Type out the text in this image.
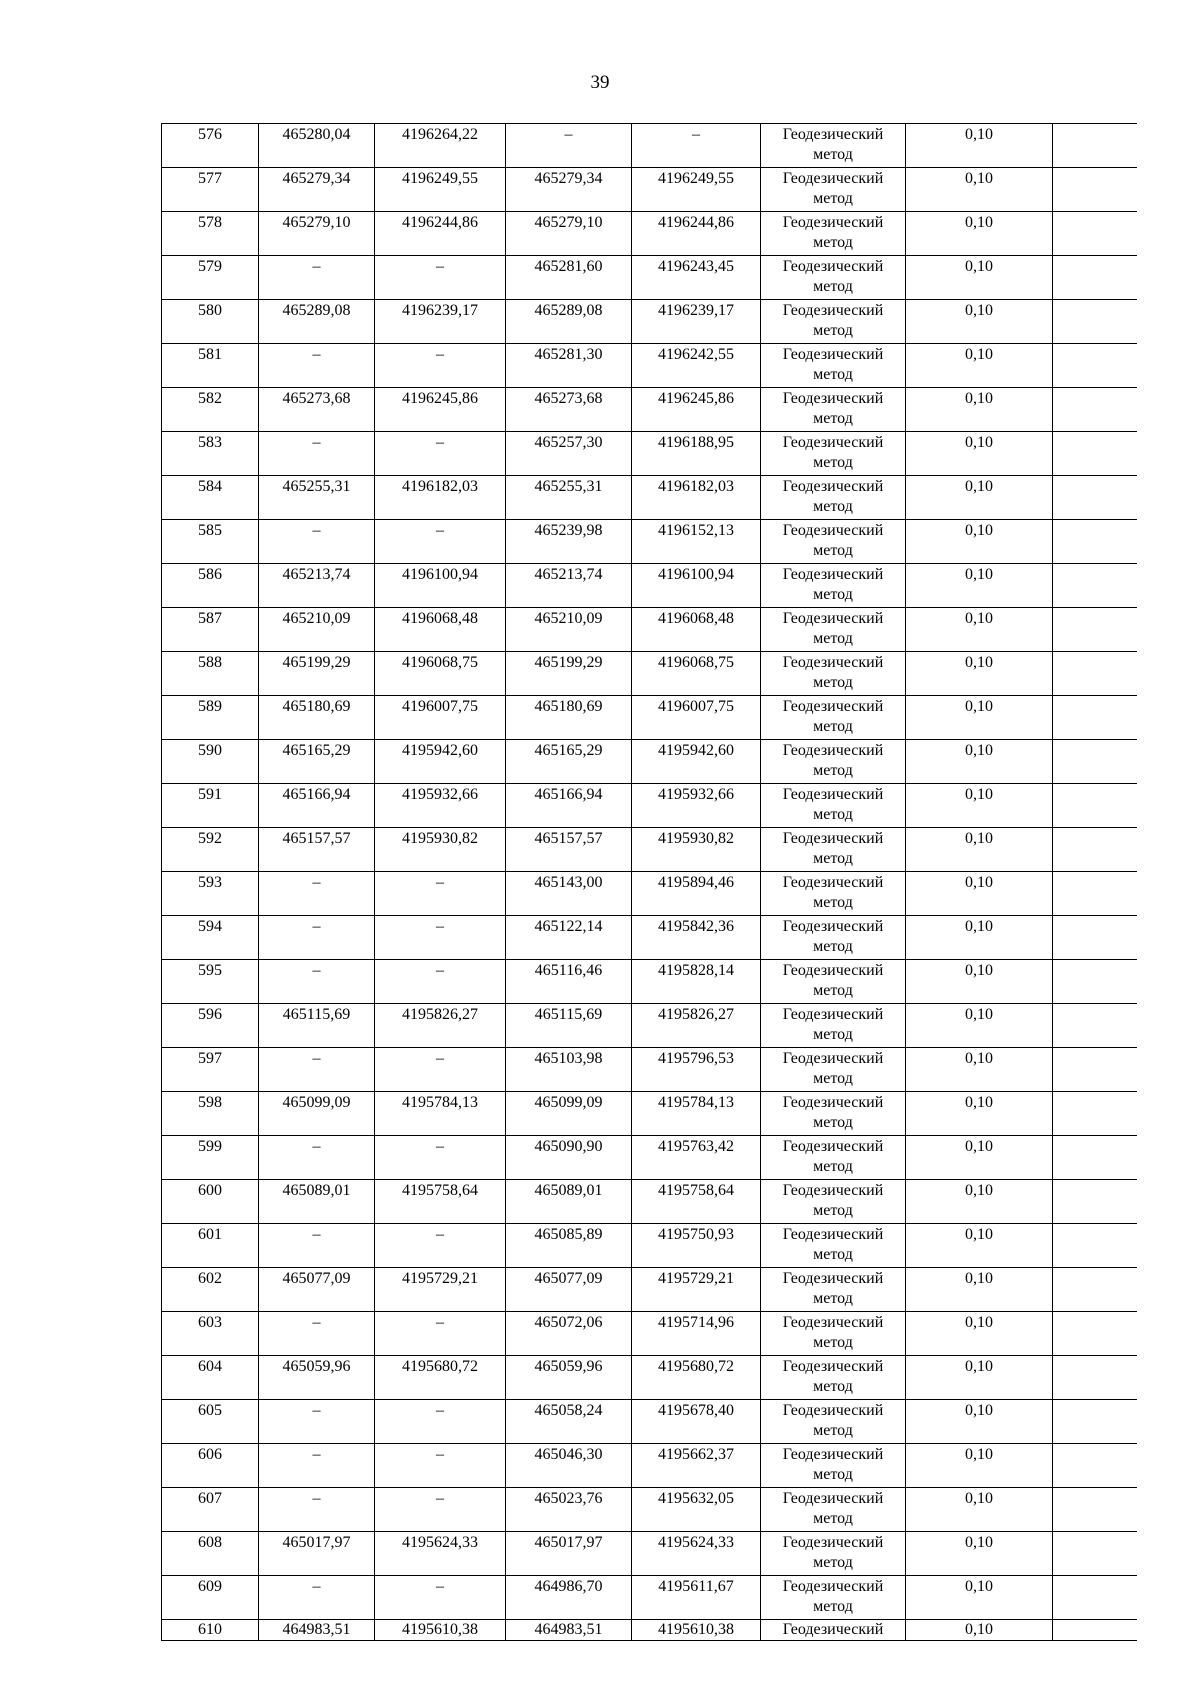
39
576	465280,04	4196264,22	–	–	Геодезический метод	0,10	
577	465279,34	4196249,55	465279,34	4196249,55	Геодезический метод	0,10	
578	465279,10	4196244,86	465279,10	4196244,86	Геодезический метод	0,10	
579	–	–	465281,60	4196243,45	Геодезический метод	0,10	
580	465289,08	4196239,17	465289,08	4196239,17	Геодезический метод	0,10	
581	–	–	465281,30	4196242,55	Геодезический метод	0,10	
582	465273,68	4196245,86	465273,68	4196245,86	Геодезический метод	0,10	
583	–	–	465257,30	4196188,95	Геодезический метод	0,10	
584	465255,31	4196182,03	465255,31	4196182,03	Геодезический метод	0,10	
585	–	–	465239,98	4196152,13	Геодезический метод	0,10	
586	465213,74	4196100,94	465213,74	4196100,94	Геодезический метод	0,10	
587	465210,09	4196068,48	465210,09	4196068,48	Геодезический метод	0,10	
588	465199,29	4196068,75	465199,29	4196068,75	Геодезический метод	0,10	
589	465180,69	4196007,75	465180,69	4196007,75	Геодезический метод	0,10	
590	465165,29	4195942,60	465165,29	4195942,60	Геодезический метод	0,10	
591	465166,94	4195932,66	465166,94	4195932,66	Геодезический метод	0,10	
592	465157,57	4195930,82	465157,57	4195930,82	Геодезический метод	0,10	
593	–	–	465143,00	4195894,46	Геодезический метод	0,10	
594	–	–	465122,14	4195842,36	Геодезический метод	0,10	
595	–	–	465116,46	4195828,14	Геодезический метод	0,10	
596	465115,69	4195826,27	465115,69	4195826,27	Геодезический метод	0,10	
597	–	–	465103,98	4195796,53	Геодезический метод	0,10	
598	465099,09	4195784,13	465099,09	4195784,13	Геодезический метод	0,10	
599	–	–	465090,90	4195763,42	Геодезический метод	0,10	
600	465089,01	4195758,64	465089,01	4195758,64	Геодезический метод	0,10	
601	–	–	465085,89	4195750,93	Геодезический метод	0,10	
602	465077,09	4195729,21	465077,09	4195729,21	Геодезический метод	0,10	
603	–	–	465072,06	4195714,96	Геодезический метод	0,10	
604	465059,96	4195680,72	465059,96	4195680,72	Геодезический метод	0,10	
605	–	–	465058,24	4195678,40	Геодезический метод	0,10	
606	–	–	465046,30	4195662,37	Геодезический метод	0,10	
607	–	–	465023,76	4195632,05	Геодезический метод	0,10	
608	465017,97	4195624,33	465017,97	4195624,33	Геодезический метод	0,10	
609	–	–	464986,70	4195611,67	Геодезический метод	0,10	
610	464983,51	4195610,38	464983,51	4195610,38	Геодезический	0,10	
